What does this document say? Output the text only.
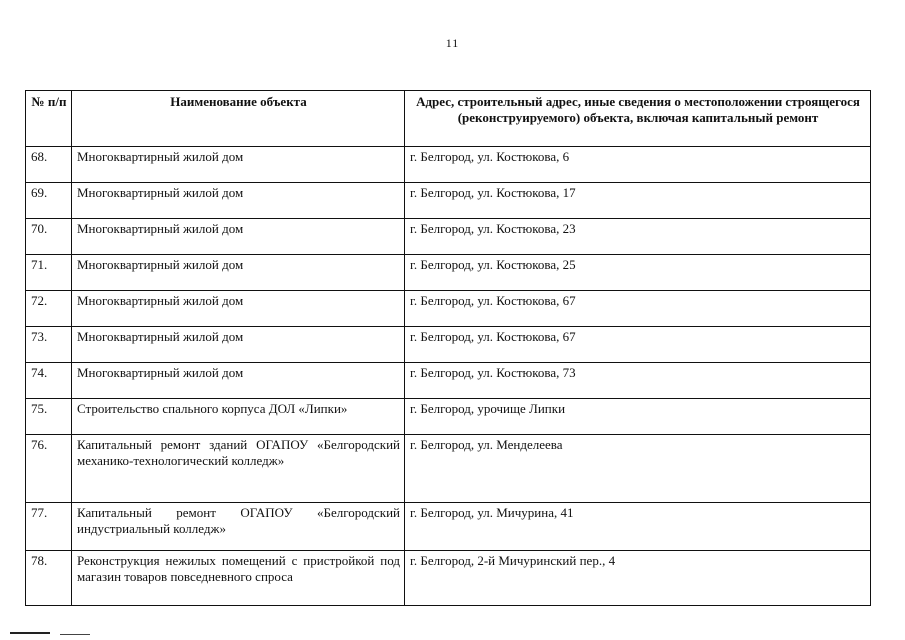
11
№ п/п	Наименование объекта	Адрес, строительный адрес, иные сведения о местоположении строящегося (реконструируемого) объекта, включая капитальный ремонт
68.	Многоквартирный жилой дом	г. Белгород, ул. Костюкова, 6
69.	Многоквартирный жилой дом	г. Белгород, ул. Костюкова, 17
70.	Многоквартирный жилой дом	г. Белгород, ул. Костюкова, 23
71.	Многоквартирный жилой дом	г. Белгород, ул. Костюкова, 25
72.	Многоквартирный жилой дом	г. Белгород, ул. Костюкова, 67
73.	Многоквартирный жилой дом	г. Белгород, ул. Костюкова, 67
74.	Многоквартирный жилой дом	г. Белгород, ул. Костюкова, 73
75.	Строительство спального корпуса ДОЛ «Липки»	г. Белгород, урочище Липки
76.	Капитальный ремонт зданий ОГАПОУ «Белгородский механико-технологический колледж»	г. Белгород, ул. Менделеева
77.	Капитальный ремонт ОГАПОУ «Белгородский индустриальный колледж»	г. Белгород, ул. Мичурина, 41
78.	Реконструкция нежилых помещений с пристройкой под магазин товаров повседневного спроса	г. Белгород, 2-й Мичуринский пер., 4
